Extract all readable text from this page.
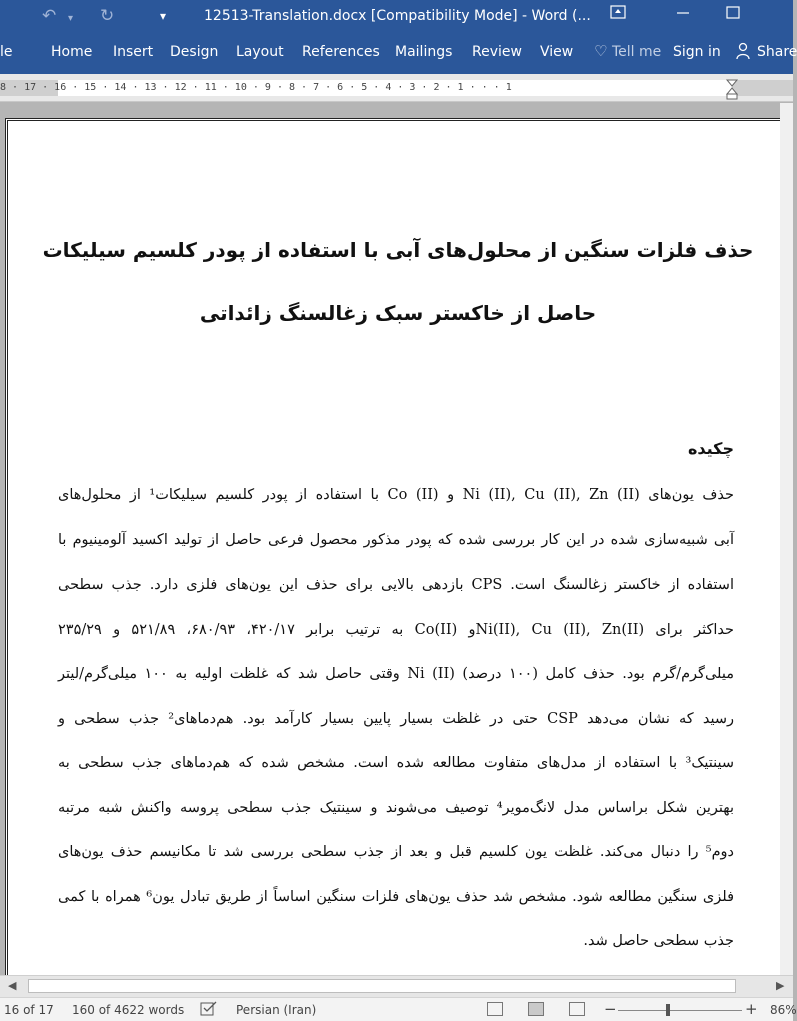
↶ ▾ ↻	▾	12513-Translation.docx [Compatibility Mode] - Word (...
le	Home Insert Design Layout References Mailings Review View ♡ Tell me Sign in	Share
8 · 17 · 16 · 15 · 14 · 13 · 12 · 11 · 10 · 9 · 8 · 7 · 6 · 5 · 4 · 3 · 2 · 1 · · · 1
حذف فلزات سنگین از محلول‌های آبی با استفاده از پودر کلسیم سیلیکات
حاصل از خاکستر سبک زغالسنگ زائداتی
چکیده
حذف یون‌های Ni (II), Cu (II), Zn (II) و Co (II) با استفاده از پودر کلسیم سیلیکات¹ از محلول‌های
آبی شبیه‌سازی شده در این کار بررسی شده که پودر مذکور محصول فرعی حاصل از تولید اکسید آلومینیوم با
استفاده از خاکستر زغالسنگ است. CPS بازدهی بالایی برای حذف این یون‌های فلزی دارد. جذب سطحی
حداکثر برای Ni(II), Cu (II), Zn(II)و Co(II) به ترتیب برابر ۴۲۰/۱۷، ۶۸۰/۹۳، ۵۲۱/۸۹ و ۲۳۵/۲۹
میلی‌گرم/گرم بود. حذف کامل (۱۰۰ درصد) Ni (II) وقتی حاصل شد که غلظت اولیه به ۱۰۰ میلی‌گرم/لیتر
رسید که نشان می‌دهد CSP حتی در غلظت بسیار پایین بسیار کارآمد بود. هم‌دماهای² جذب سطحی و
سینتیک³ با استفاده از مدل‌های متفاوت مطالعه شده است. مشخص شده که هم‌دماهای جذب سطحی به
بهترین شکل براساس مدل لانگ‌مویر⁴ توصیف می‌شوند و سینتیک جذب سطحی پروسه واکنش شبه مرتبه
دوم⁵ را دنبال می‌کند. غلظت یون کلسیم قبل و بعد از جذب سطحی بررسی شد تا مکانیسم حذف یون‌های
فلزی سنگین مطالعه شود. مشخص شد حذف یون‌های فلزات سنگین اساساً از طریق تبادل یون⁶ همراه با کمی
جذب سطحی حاصل شد.
◀	▶
16 of 17 160 of 4622 words	Persian (Iran)	−	+ 86%
